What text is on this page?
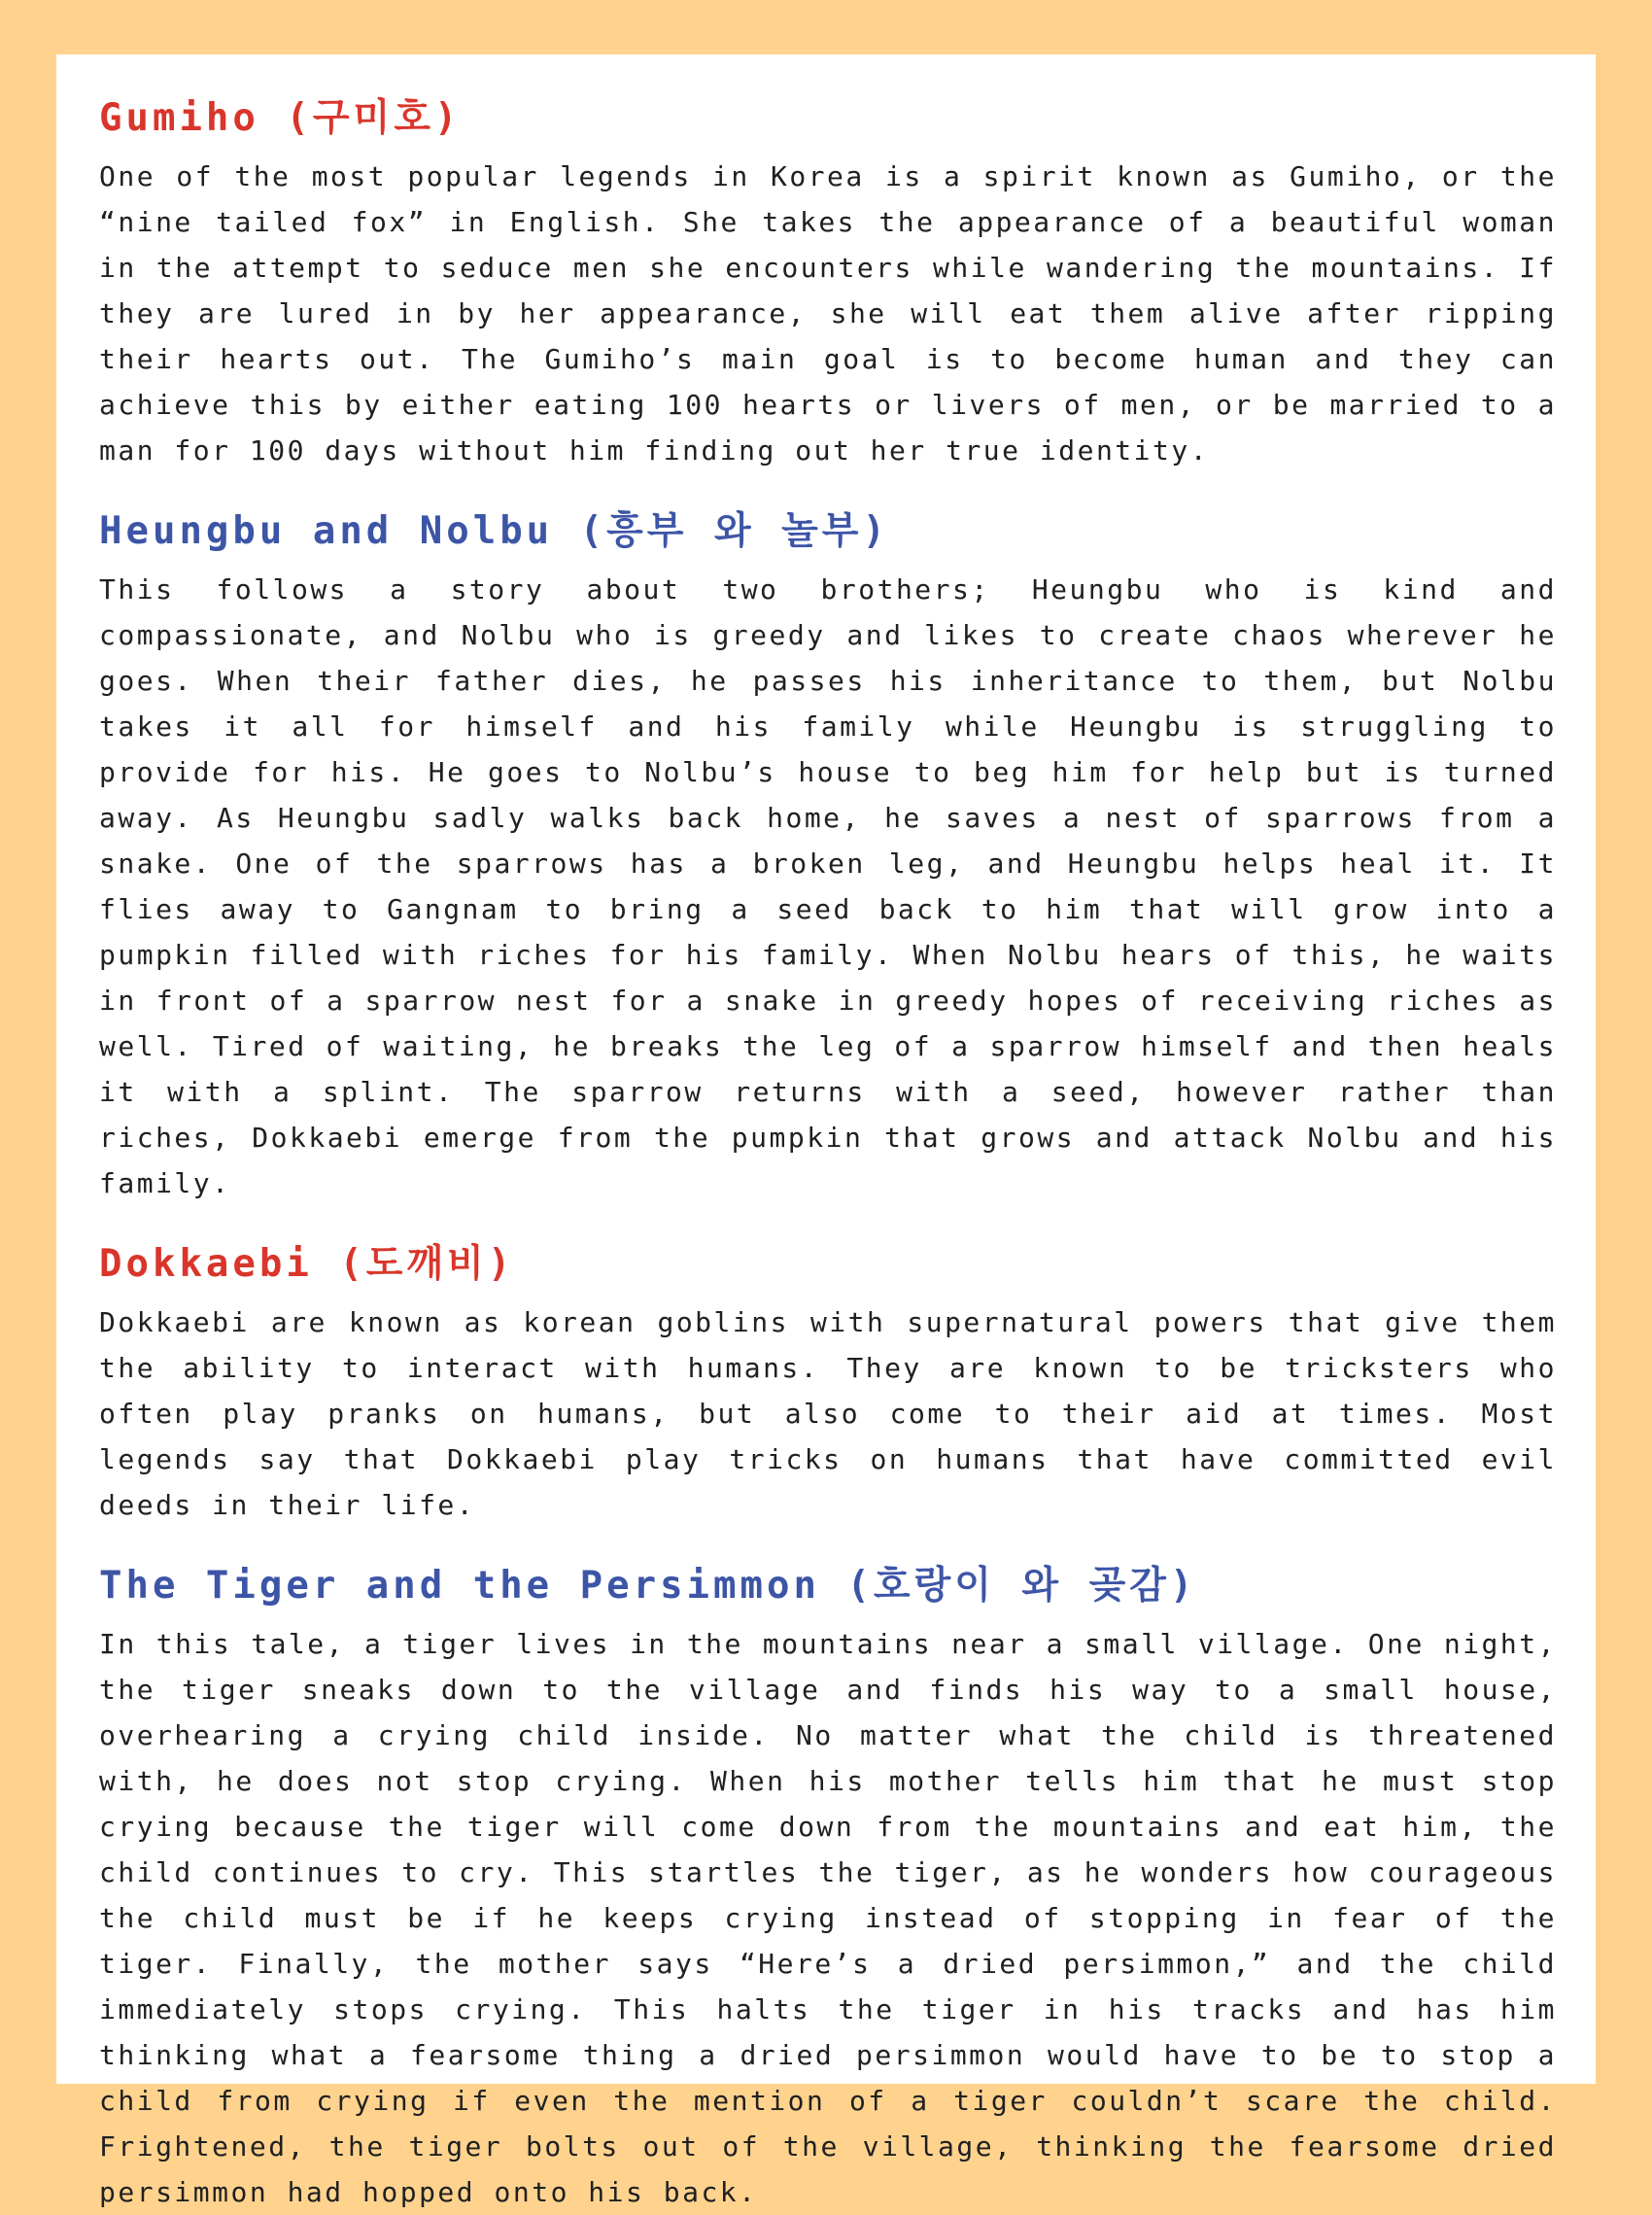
Gumiho (구미호)

One of the most popular legends in Korea is a spirit known as Gumiho, or the “nine tailed fox” in English. She takes the appearance of a beautiful woman in the attempt to seduce men she encounters while wandering the mountains. If they are lured in by her appearance, she will eat them alive after ripping their hearts out. The Gumiho’s main goal is to become human and they can achieve this by either eating 100 hearts or livers of men, or be married to a man for 100 days without him finding out her true identity.

Heungbu and Nolbu (흥부 와 놀부)

This follows a story about two brothers; Heungbu who is kind and compassionate, and Nolbu who is greedy and likes to create chaos wherever he goes. When their father dies, he passes his inheritance to them, but Nolbu takes it all for himself and his family while Heungbu is struggling to provide for his. He goes to Nolbu’s house to beg him for help but is turned away. As Heungbu sadly walks back home, he saves a nest of sparrows from a snake. One of the sparrows has a broken leg, and Heungbu helps heal it. It flies away to Gangnam to bring a seed back to him that will grow into a pumpkin filled with riches for his family. When Nolbu hears of this, he waits in front of a sparrow nest for a snake in greedy hopes of receiving riches as well. Tired of waiting, he breaks the leg of a sparrow himself and then heals it with a splint. The sparrow returns with a seed, however rather than riches, Dokkaebi emerge from the pumpkin that grows and attack Nolbu and his family.

Dokkaebi (도깨비)

Dokkaebi are known as korean goblins with supernatural powers that give them the ability to interact with humans. They are known to be tricksters who often play pranks on humans, but also come to their aid at times. Most legends say that Dokkaebi play tricks on humans that have committed evil deeds in their life.

The Tiger and the Persimmon (호랑이 와 곶감)

In this tale, a tiger lives in the mountains near a small village. One night, the tiger sneaks down to the village and finds his way to a small house, overhearing a crying child inside. No matter what the child is threatened with, he does not stop crying. When his mother tells him that he must stop crying because the tiger will come down from the mountains and eat him, the child continues to cry. This startles the tiger, as he wonders how courageous the child must be if he keeps crying instead of stopping in fear of the tiger. Finally, the mother says “Here’s a dried persimmon,” and the child immediately stops crying. This halts the tiger in his tracks and has him thinking what a fearsome thing a dried persimmon would have to be to stop a child from crying if even the mention of a tiger couldn’t scare the child. Frightened, the tiger bolts out of the village, thinking the fearsome dried persimmon had hopped onto his back.
